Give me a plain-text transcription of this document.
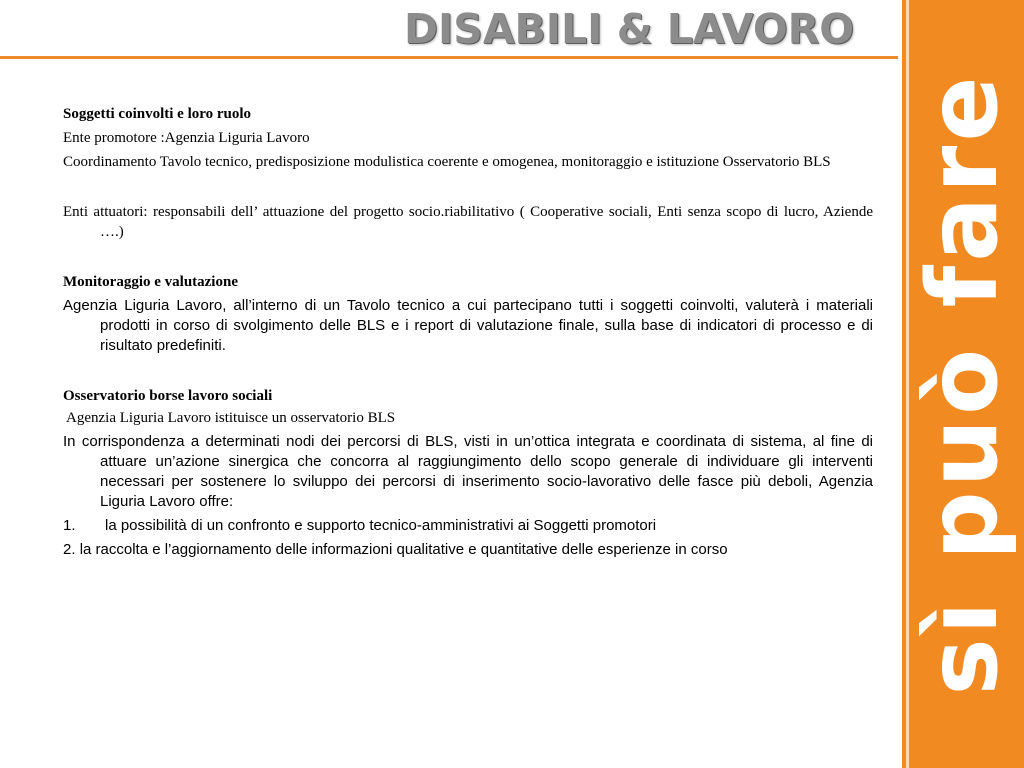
DISABILI & LAVORO
sì può fare

Soggetti coinvolti e loro ruolo

Ente promotore :Agenzia Liguria Lavoro

Coordinamento Tavolo tecnico, predisposizione modulistica coerente e omogenea, monitoraggio e istituzione Osservatorio BLS

Enti attuatori: responsabili dell’ attuazione del progetto socio.riabilitativo ( Cooperative sociali, Enti senza scopo di lucro, Aziende ….)

Monitoraggio e valutazione

Agenzia Liguria Lavoro, all’interno di un Tavolo tecnico a cui partecipano tutti i soggetti coinvolti, valuterà i materiali prodotti in corso di svolgimento delle BLS e i report di valutazione finale, sulla base di indicatori di processo e di risultato predefiniti.

Osservatorio borse lavoro sociali

Agenzia Liguria Lavoro istituisce un osservatorio BLS

In corrispondenza a determinati nodi dei percorsi di BLS, visti in un’ottica integrata e coordinata di sistema, al fine di attuare un’azione sinergica che concorra al raggiungimento dello scopo generale di individuare gli interventi necessari per sostenere lo sviluppo dei percorsi di inserimento socio-lavorativo delle fasce più deboli, Agenzia Liguria Lavoro offre:

1.	la possibilità di un confronto e supporto tecnico-amministrativi ai Soggetti promotori
2. la raccolta e l’aggiornamento delle informazioni qualitative e quantitative delle esperienze in corso
